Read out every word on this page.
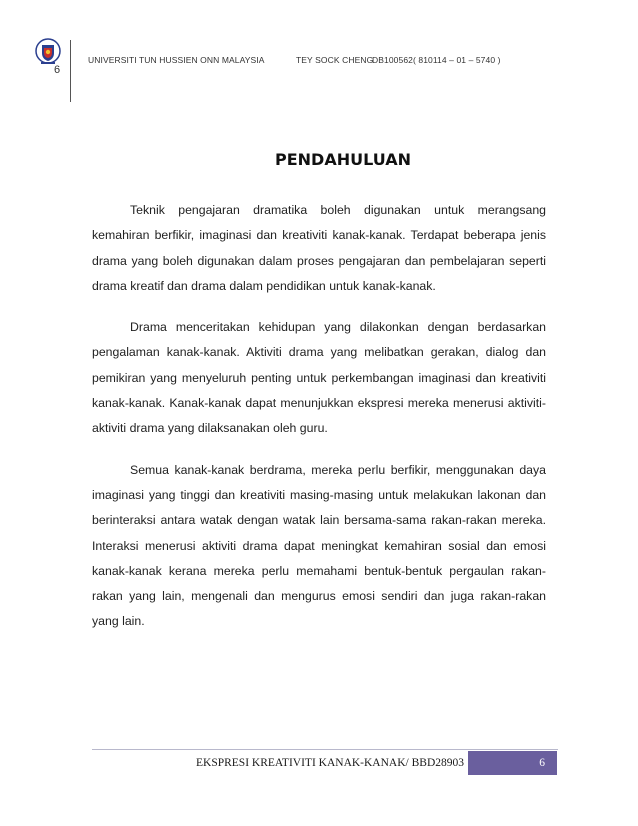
6
UNIVERSITI TUN HUSSIEN ONN MALAYSIA	TEY SOCK CHENG
DB100562( 810114 – 01 – 5740 )
PENDAHULUAN

Teknik pengajaran dramatika boleh digunakan untuk merangsang kemahiran berfikir, imaginasi dan kreativiti kanak-kanak. Terdapat beberapa jenis drama yang boleh digunakan dalam proses pengajaran dan pembelajaran seperti drama kreatif dan drama dalam pendidikan untuk kanak-kanak.

Drama menceritakan kehidupan yang dilakonkan dengan berdasarkan pengalaman kanak-kanak. Aktiviti drama yang melibatkan gerakan, dialog dan pemikiran yang menyeluruh penting untuk perkembangan imaginasi dan kreativiti kanak-kanak. Kanak-kanak dapat menunjukkan ekspresi mereka menerusi aktiviti-aktiviti drama yang dilaksanakan oleh guru.

Semua kanak-kanak berdrama, mereka perlu berfikir, menggunakan daya imaginasi yang tinggi dan kreativiti masing-masing untuk melakukan lakonan dan berinteraksi antara watak dengan watak lain bersama-sama rakan-rakan mereka. Interaksi menerusi aktiviti drama dapat meningkat kemahiran sosial dan emosi kanak-kanak kerana mereka perlu memahami bentuk-bentuk pergaulan rakan-rakan yang lain, mengenali dan mengurus emosi sendiri dan juga rakan-rakan yang lain.

EKSPRESI KREATIVITI KANAK-KANAK/ BBD28903	6
